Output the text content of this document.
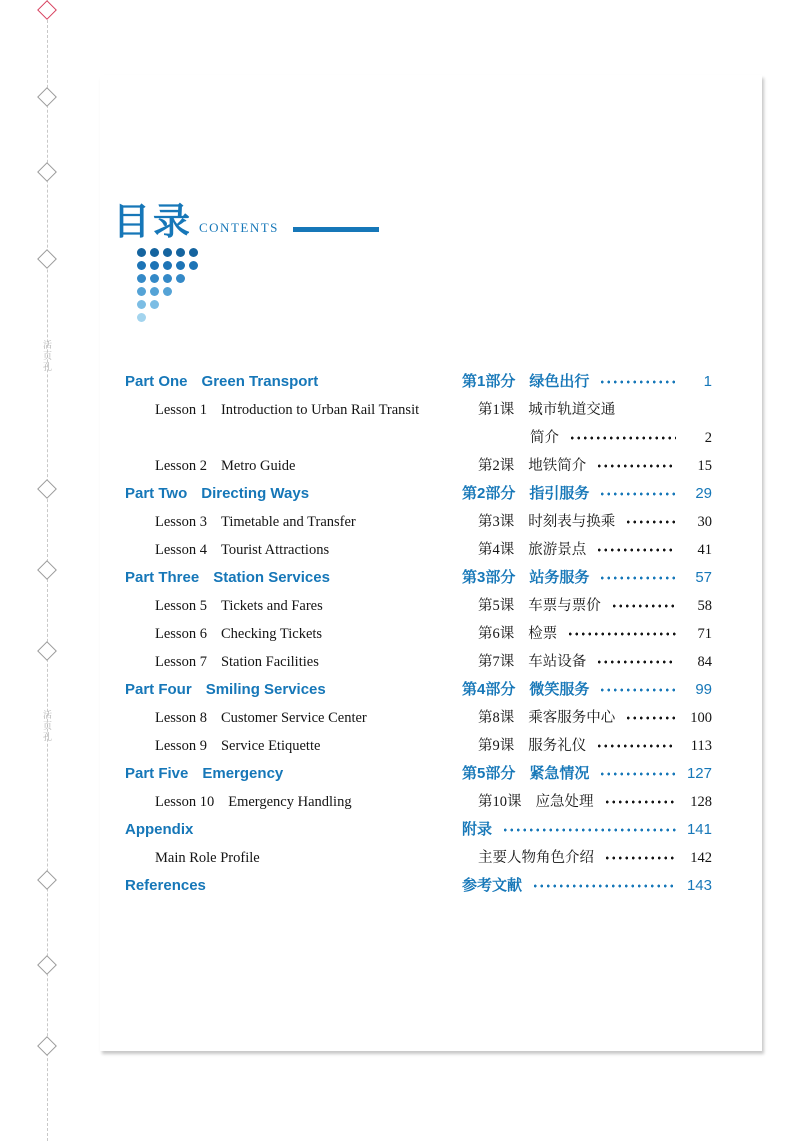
活页孔
活页孔
目录 CONTENTS
Part One Green Transport	第1部分 绿色出行	1
Lesson 1 Introduction to Urban Rail Transit	第1课 城市轨道交通
简介	2
Lesson 2 Metro Guide	第2课 地铁简介	15
Part Two Directing Ways	第2部分 指引服务	29
Lesson 3 Timetable and Transfer	第3课 时刻表与换乘	30
Lesson 4 Tourist Attractions	第4课 旅游景点	41
Part Three Station Services	第3部分 站务服务	57
Lesson 5 Tickets and Fares	第5课 车票与票价	58
Lesson 6 Checking Tickets	第6课 检票	71
Lesson 7 Station Facilities	第7课 车站设备	84
Part Four Smiling Services	第4部分 微笑服务	99
Lesson 8 Customer Service Center	第8课 乘客服务中心	100
Lesson 9 Service Etiquette	第9课 服务礼仪	113
Part Five Emergency	第5部分 紧急情况	127
Lesson 10 Emergency Handling	第10课 应急处理	128
Appendix	附录	141
Main Role Profile	主要人物角色介绍	142
References	参考文献	143
